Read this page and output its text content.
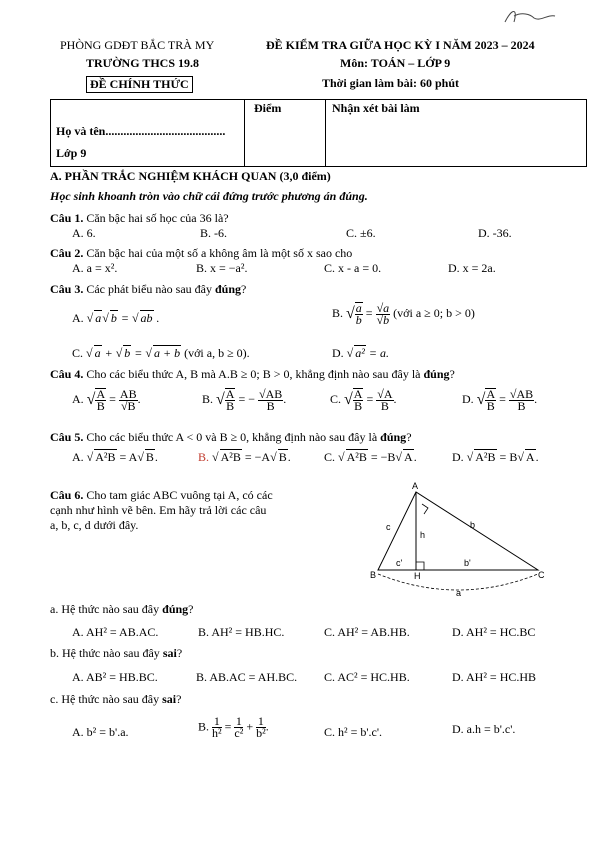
PHÒNG GDĐT BẮC TRÀ MY
TRƯỜNG THCS 19.8
ĐỀ CHÍNH THỨC
ĐỀ KIỂM TRA GIỮA HỌC KỲ I NĂM 2023 – 2024
Môn: TOÁN – LỚP 9
Thời gian làm bài: 60 phút
Điểm	Nhận xét bài làm
Họ và tên........................................
Lớp 9
A. PHẦN TRẮC NGHIỆM KHÁCH QUAN (3,0 điểm)
Học sinh khoanh tròn vào chữ cái đứng trước phương án đúng.
Câu 1. Căn bậc hai số học của 36 là?
A. 6.	B. -6.	C. ±6.	D. -36.
Câu 2. Căn bậc hai của một số a không âm là một số x sao cho
A. a = x².	B. x = −a².	C. x - a = 0.	D. x = 2a.
Câu 3. Các phát biểu nào sau đây đúng?
A. √ a√ b = √ ab .	B. √ $\frac{a}{b} = \frac{√a}{√b}$ (với a ≥ 0; b > 0)
C. √ a + √ b = √ a + b (với a, b ≥ 0).	D. √ a² = a.
Câu 4. Cho các biểu thức A, B mà A.B ≥ 0; B > 0, khẳng định nào sau đây là đúng?
A. √ $\frac{A}{B} = \frac{AB}{√B}$ .	B. √ $\frac{A}{B}$ = − $\frac{√AB}{B}$ .	C. √ $\frac{A}{B} = \frac{√A}{B}$ .	D. √ $\frac{A}{B} = \frac{√AB}{B}$ .
Câu 5. Cho các biểu thức A < 0 và B ≥ 0, khẳng định nào sau đây là đúng?
A. √ A²B = A√ B.	B. √ A²B = −A√ B.	C. √ A²B = −B√ A.	D. √ A²B = B√ A.
Câu 6. Cho tam giác ABC vuông tại A, có các
cạnh như hình vẽ bên. Em hãy trả lời các câu
a, b, c, d dưới đây.
A
B	C
H
a
b
c
h
b'
c'
a. Hệ thức nào sau đây đúng?
A. AH² = AB.AC.	B. AH² = HB.HC.	C. AH² = AB.HB.	D. AH² = HC.BC
b. Hệ thức nào sau đây sai?
A. AB² = HB.BC.	B. AB.AC = AH.BC. C. AC² = HC.HB.	D. AH² = HC.HB
c. Hệ thức nào sau đây sai?
A. b² = b'.a.	B. $\frac{1}{\text{h²}} = \frac{1}{\text{c²}} + \frac{1}{\text{b²}}$ .	C. h² = b'.c'.	D. a.h = b'.c'.
